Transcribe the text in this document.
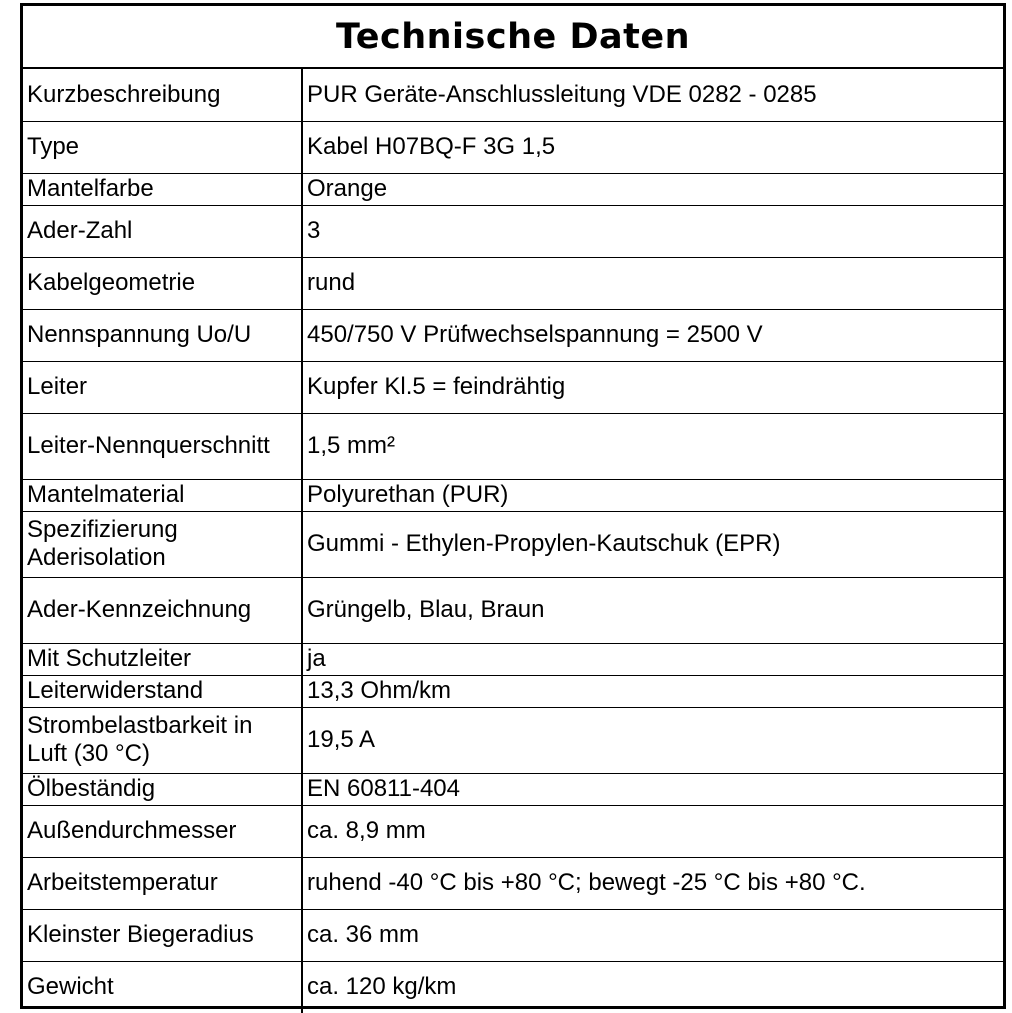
Technische Daten
Kurzbeschreibung	PUR Geräte-Anschlussleitung VDE 0282 - 0285
Type	Kabel H07BQ-F 3G 1,5
Mantelfarbe	Orange
Ader-Zahl	3
Kabelgeometrie	rund
Nennspannung Uo/U	450/750 V Prüfwechselspannung = 2500 V
Leiter	Kupfer Kl.5 = feindrähtig
Leiter-Nennquerschnitt	1,5 mm²
Mantelmaterial	Polyurethan (PUR)
Spezifizierung Aderisolation	Gummi - Ethylen-Propylen-Kautschuk (EPR)
Ader-Kennzeichnung	Grüngelb, Blau, Braun
Mit Schutzleiter	ja
Leiterwiderstand	13,3 Ohm/km
Strombelastbarkeit in Luft (30 °C)	19,5 A
Ölbeständig	EN 60811-404
Außendurchmesser	ca. 8,9 mm
Arbeitstemperatur	ruhend -40 °C bis +80 °C; bewegt -25 °C bis +80 °C.
Kleinster Biegeradius	ca. 36 mm
Gewicht	ca. 120 kg/km
